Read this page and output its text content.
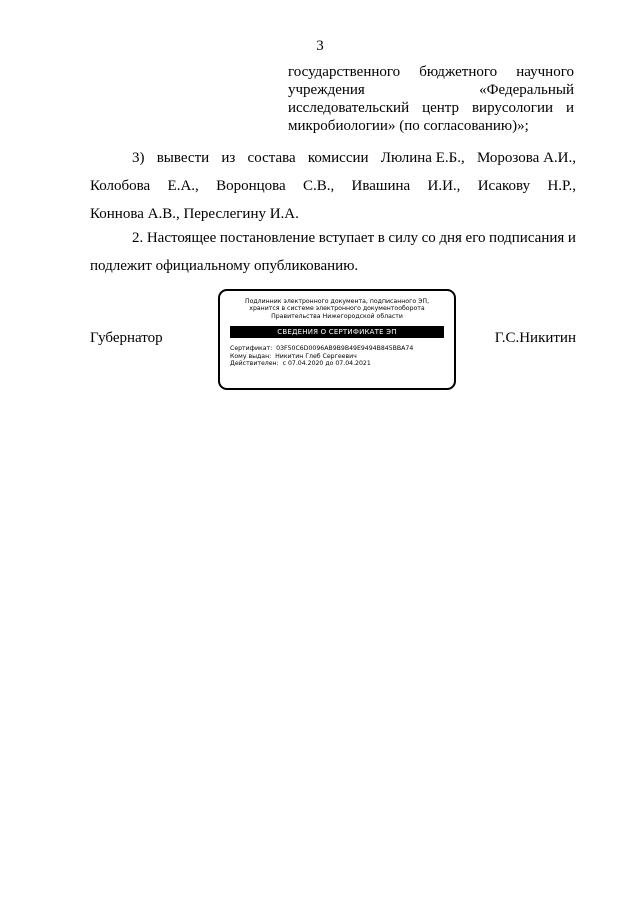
3
государственного бюджетного научного
учреждения	«Федеральный
исследовательский центр вирусологии и
микробиологии» (по согласованию)»;
3) вывести из состава комиссии Люлина Е.Б., Морозова А.И.,
Колобова Е.А., Воронцова С.В., Ивашина И.И., Исакову Н.Р.,
Коннова А.В., Переслегину И.А.
2. Настоящее постановление вступает в силу со дня его подписания и
подлежит официальному опубликованию.
Губернатор	Г.С.Никитин
Подлинник электронного документа, подписанного ЭП,
хранится в системе электронного документооборота
Правительства Нижегородской области
СВЕДЕНИЯ О СЕРТИФИКАТЕ ЭП
Сертификат: 03F50C6D0096AB9B9B49E9494B845BBA74
Кому выдан: Никитин Глеб Сергеевич
Действителен: с 07.04.2020 до 07.04.2021
